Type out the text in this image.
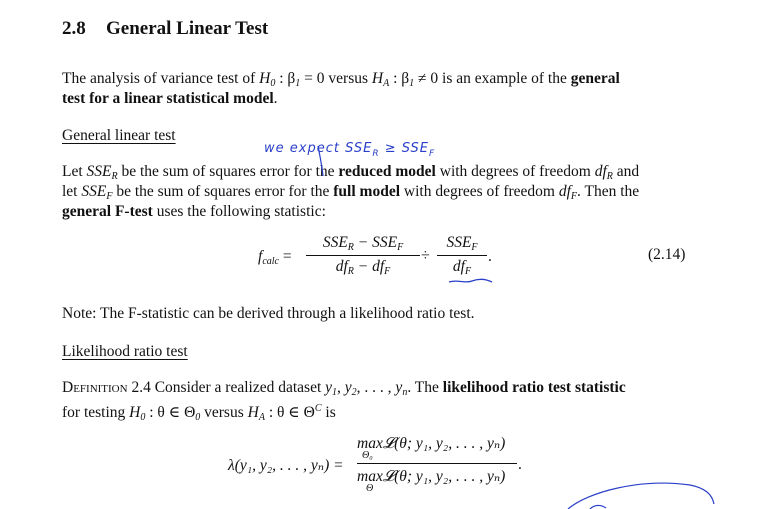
2.8 General Linear Test
The analysis of variance test of $H_0$ : $\beta_1 = 0$ versus $H_A$ : $\beta_1 \ne 0$ is an example of the general
test for a linear statistical model.
General linear test
we expect $SSE_R \ge SSE_F$
Let $SSE_R$ be the sum of squares error for the reduced model with degrees of freedom $df_R$ and
let $SSE_F$ be the sum of squares error for the full model with degrees of freedom $df_F$. Then the
general F-test uses the following statistic:
$f_{calc}$ =
$SSE_R - SSE_F$
$df_R - df_F$
÷
$SSE_F$
$df_F$
.	(2.14)
Note: The F-statistic can be derived through a likelihood ratio test.
Likelihood ratio test
Definition 2.4 Consider a realized dataset $y_1$, $y_2$, . . . , $y_n$. The likelihood ratio test statistic
for testing $H_0$ : θ ∈ $\Theta_0$ versus $H_A$ : θ ∈ $\Theta^C$ is
λ(y₁, y₂, . . . , yₙ) =
max𝓛(θ; y₁, y₂, . . . , yₙ)
Θ₀
max𝓛(θ; y₁, y₂, . . . , yₙ)
Θ
.
